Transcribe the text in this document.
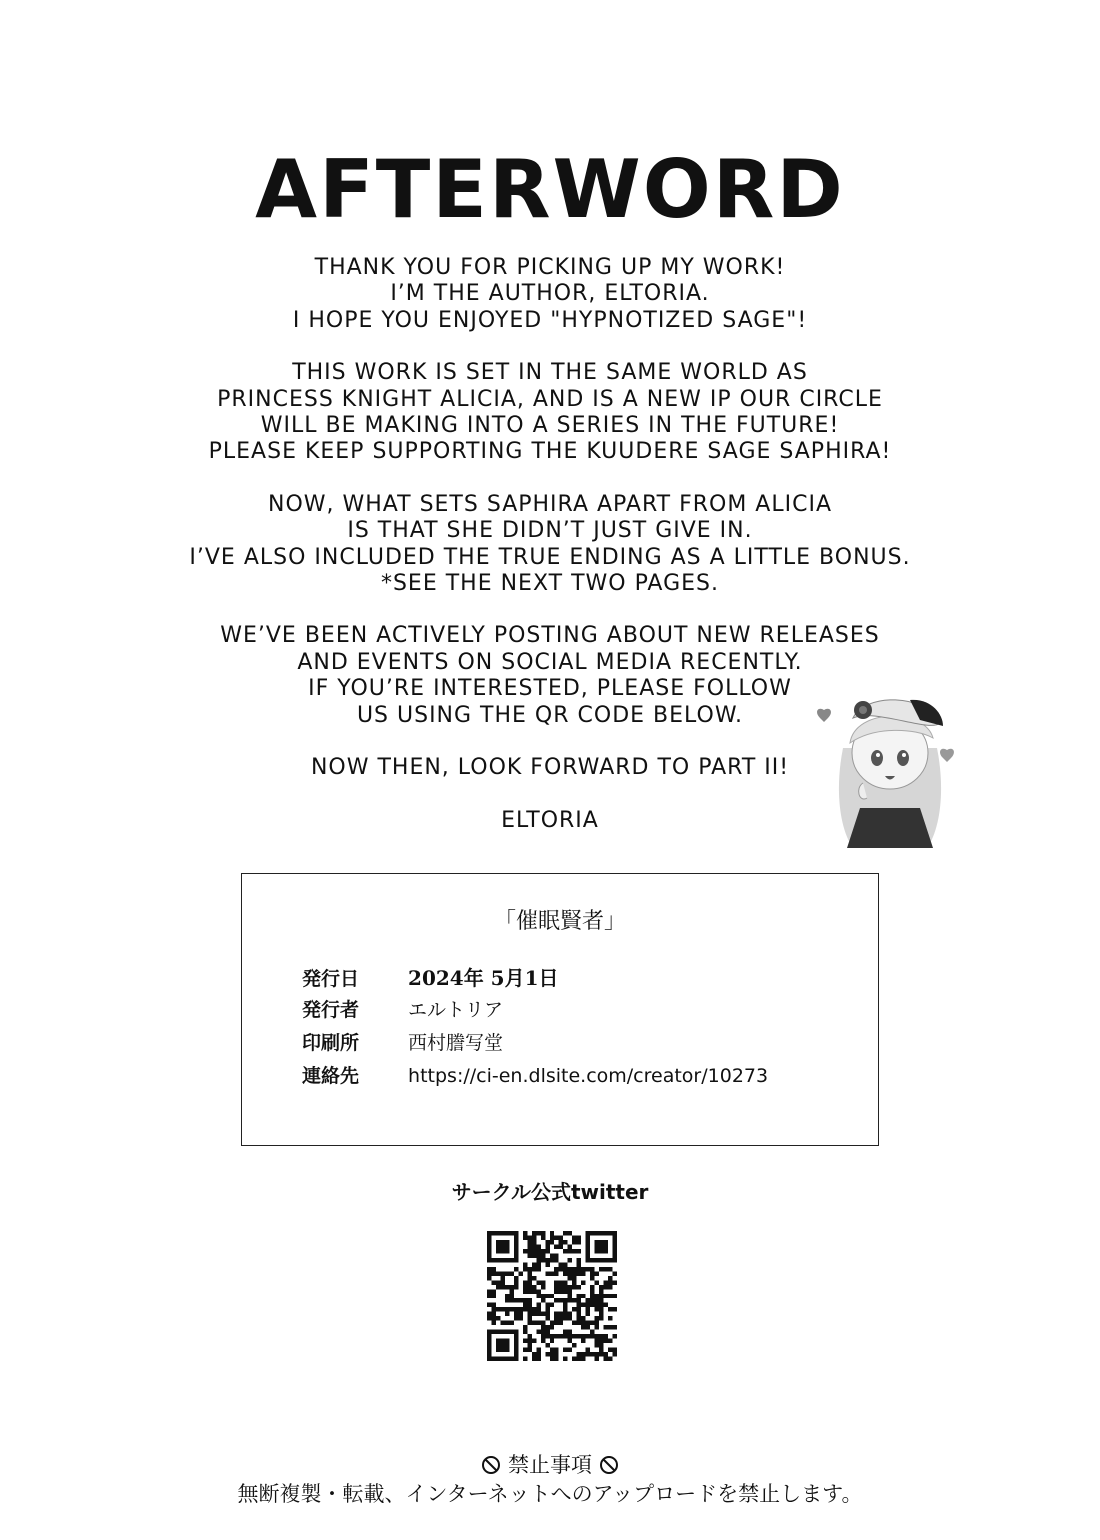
AFTERWORD

THANK YOU FOR PICKING UP MY WORK!
I’M THE AUTHOR, ELTORIA.
I HOPE YOU ENJOYED "HYPNOTIZED SAGE"!

THIS WORK IS SET IN THE SAME WORLD AS
PRINCESS KNIGHT ALICIA, AND IS A NEW IP OUR CIRCLE
WILL BE MAKING INTO A SERIES IN THE FUTURE!
PLEASE KEEP SUPPORTING THE KUUDERE SAGE SAPHIRA!

NOW, WHAT SETS SAPHIRA APART FROM ALICIA
IS THAT SHE DIDN’T JUST GIVE IN.
I’VE ALSO INCLUDED THE TRUE ENDING AS A LITTLE BONUS.
*SEE THE NEXT TWO PAGES.

WE’VE BEEN ACTIVELY POSTING ABOUT NEW RELEASES
AND EVENTS ON SOCIAL MEDIA RECENTLY.
IF YOU’RE INTERESTED, PLEASE FOLLOW
US USING THE QR CODE BELOW.

NOW THEN, LOOK FORWARD TO PART II!

ELTORIA

「催眠賢者」
発行日 2024年 5月1日
発行者	エルトリア
印刷所	西村謄写堂
連絡先	https://ci-en.dlsite.com/creator/10273
サークル公式twitter
禁止事項
無断複製・転載、インターネットへのアップロードを禁止します。
